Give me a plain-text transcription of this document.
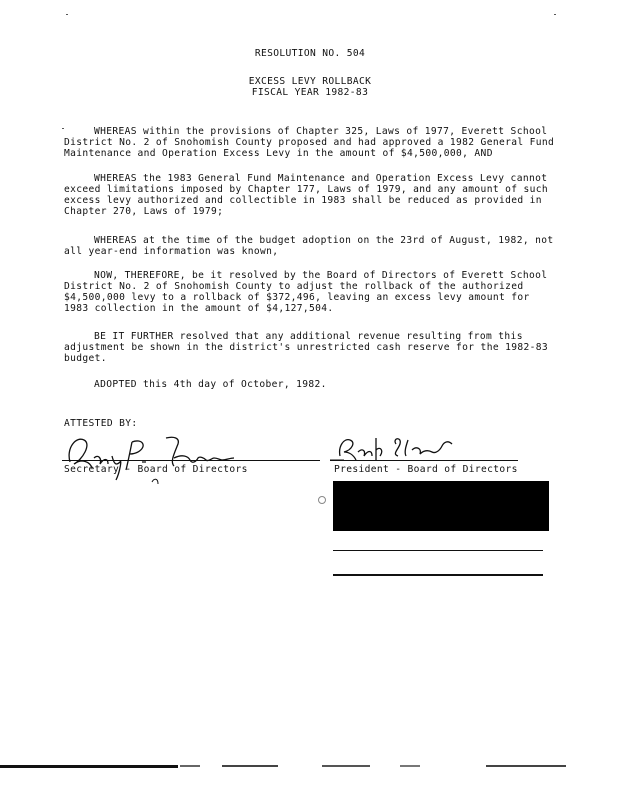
RESOLUTION NO. 504
EXCESS LEVY ROLLBACK
FISCAL YEAR 1982-83
WHEREAS within the provisions of Chapter 325, Laws of 1977, Everett School
District No. 2 of Snohomish County proposed and had approved a 1982 General Fund
Maintenance and Operation Excess Levy in the amount of $4,500,000, AND
WHEREAS the 1983 General Fund Maintenance and Operation Excess Levy cannot
exceed limitations imposed by Chapter 177, Laws of 1979, and any amount of such
excess levy authorized and collectible in 1983 shall be reduced as provided in
Chapter 270, Laws of 1979;
WHEREAS at the time of the budget adoption on the 23rd of August, 1982, not
all year-end information was known,
NOW, THEREFORE, be it resolved by the Board of Directors of Everett School
District No. 2 of Snohomish County to adjust the rollback of the authorized
$4,500,000 levy to a rollback of $372,496, leaving an excess levy amount for
1983 collection in the amount of $4,127,504.
BE IT FURTHER resolved that any additional revenue resulting from this
adjustment be shown in the district's unrestricted cash reserve for the 1982-83
budget.
ADOPTED this 4th day of October, 1982.
ATTESTED BY:
Secretary - Board of Directors	President - Board of Directors
